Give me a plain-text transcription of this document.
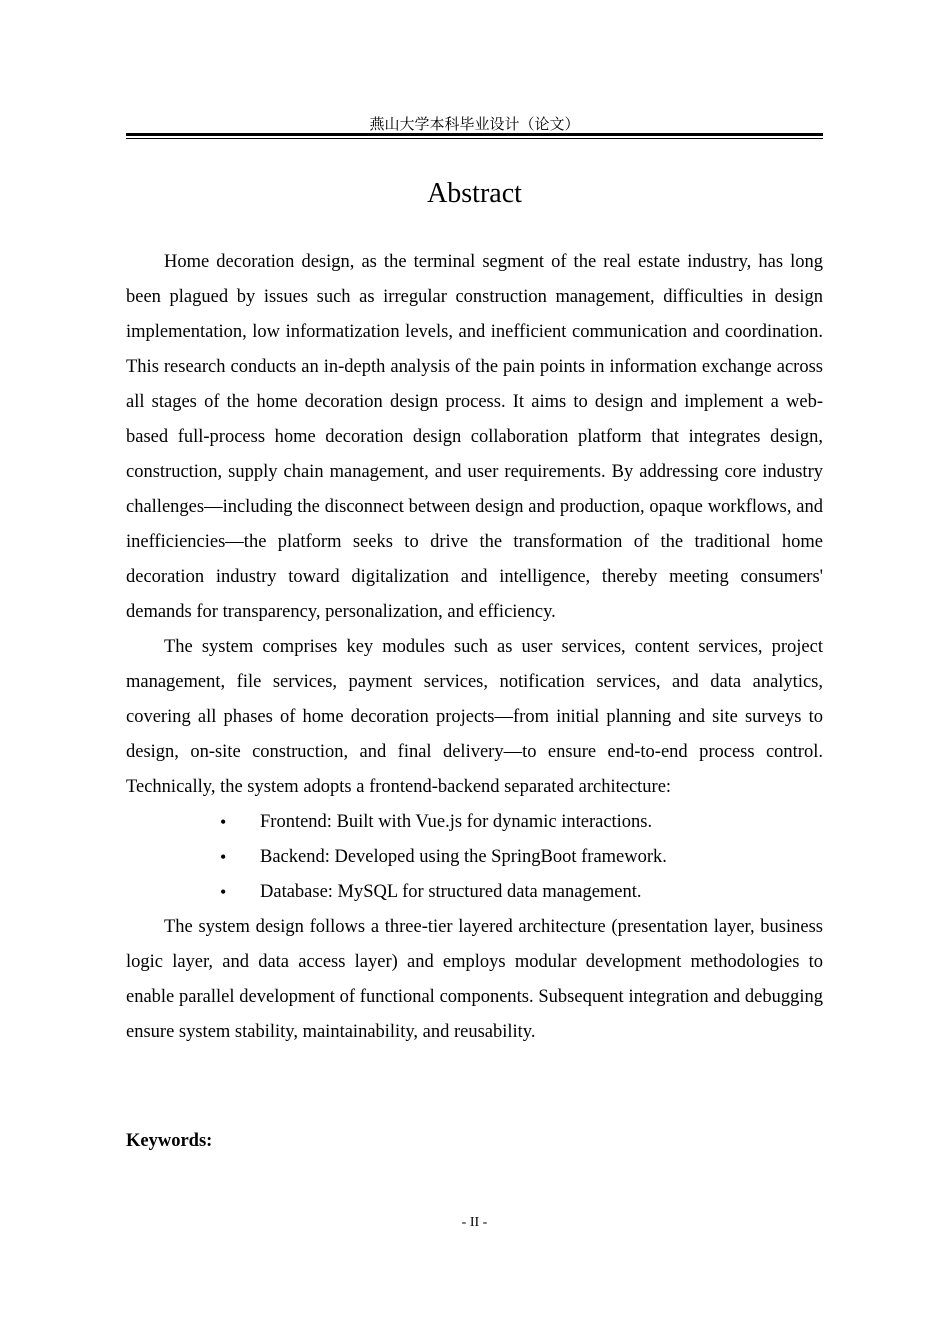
燕山大学本科毕业设计（论文）
Abstract

Home decoration design, as the terminal segment of the real estate industry, has long been plagued by issues such as irregular construction management, difficulties in design implementation, low informatization levels, and inefficient communication and coordination. This research conducts an in-depth analysis of the pain points in information exchange across all stages of the home decoration design process. It aims to design and implement a web-based full-process home decoration design collaboration platform that integrates design, construction, supply chain management, and user requirements. By addressing core industry challenges—including the disconnect between design and production, opaque workflows, and inefficiencies—the platform seeks to drive the transformation of the traditional home decoration industry toward digitalization and intelligence, thereby meeting consumers' demands for transparency, personalization, and efficiency.

The system comprises key modules such as user services, content services, project management, file services, payment services, notification services, and data analytics, covering all phases of home decoration projects—from initial planning and site surveys to design, on-site construction, and final delivery—to ensure end-to-end process control. Technically, the system adopts a frontend-backend separated architecture:

• Frontend: Built with Vue.js for dynamic interactions.
• Backend: Developed using the SpringBoot framework.
• Database: MySQL for structured data management.

The system design follows a three-tier layered architecture (presentation layer, business logic layer, and data access layer) and employs modular development methodologies to enable parallel development of functional components. Subsequent integration and debugging ensure system stability, maintainability, and reusability.

Keywords:
- II -
